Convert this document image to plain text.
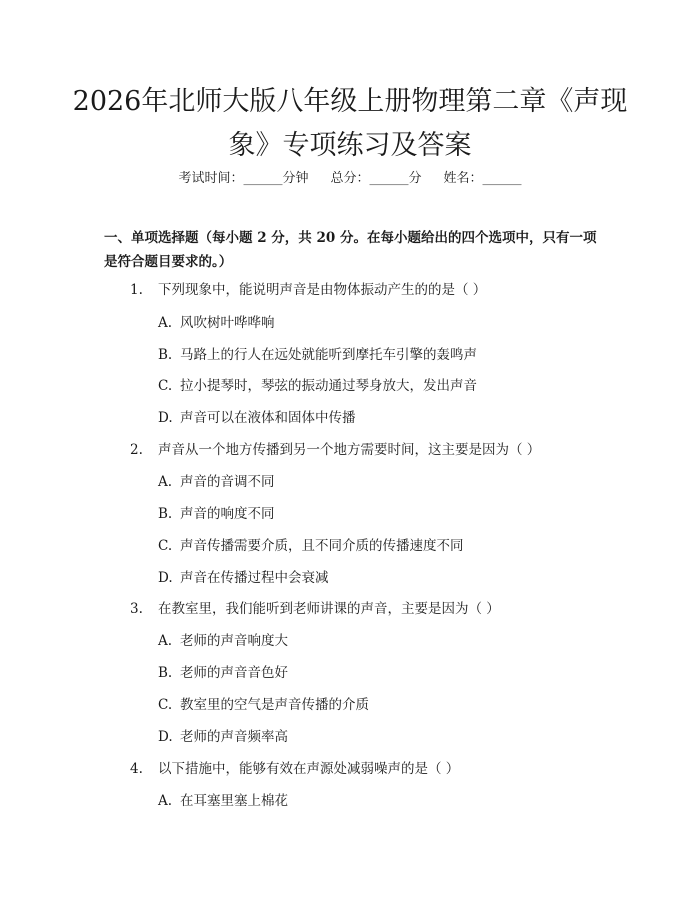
2026年北师大版八年级上册物理第二章《声现象》专项练习及答案
考试时间：______分钟 总分：______分 姓名：______
一、单项选择题（每小题 2 分，共 20 分。在每小题给出的四个选项中，只有一项是符合题目要求的。）
1. 下列现象中，能说明声音是由物体振动产生的的是（ ）
A. 风吹树叶哗哗响
B. 马路上的行人在远处就能听到摩托车引擎的轰鸣声
C. 拉小提琴时，琴弦的振动通过琴身放大，发出声音
D. 声音可以在液体和固体中传播
2. 声音从一个地方传播到另一个地方需要时间，这主要是因为（ ）
A. 声音的音调不同
B. 声音的响度不同
C. 声音传播需要介质，且不同介质的传播速度不同
D. 声音在传播过程中会衰减
3. 在教室里，我们能听到老师讲课的声音，主要是因为（ ）
A. 老师的声音响度大
B. 老师的声音音色好
C. 教室里的空气是声音传播的介质
D. 老师的声音频率高
4. 以下措施中，能够有效在声源处减弱噪声的是（ ）
A. 在耳塞里塞上棉花
